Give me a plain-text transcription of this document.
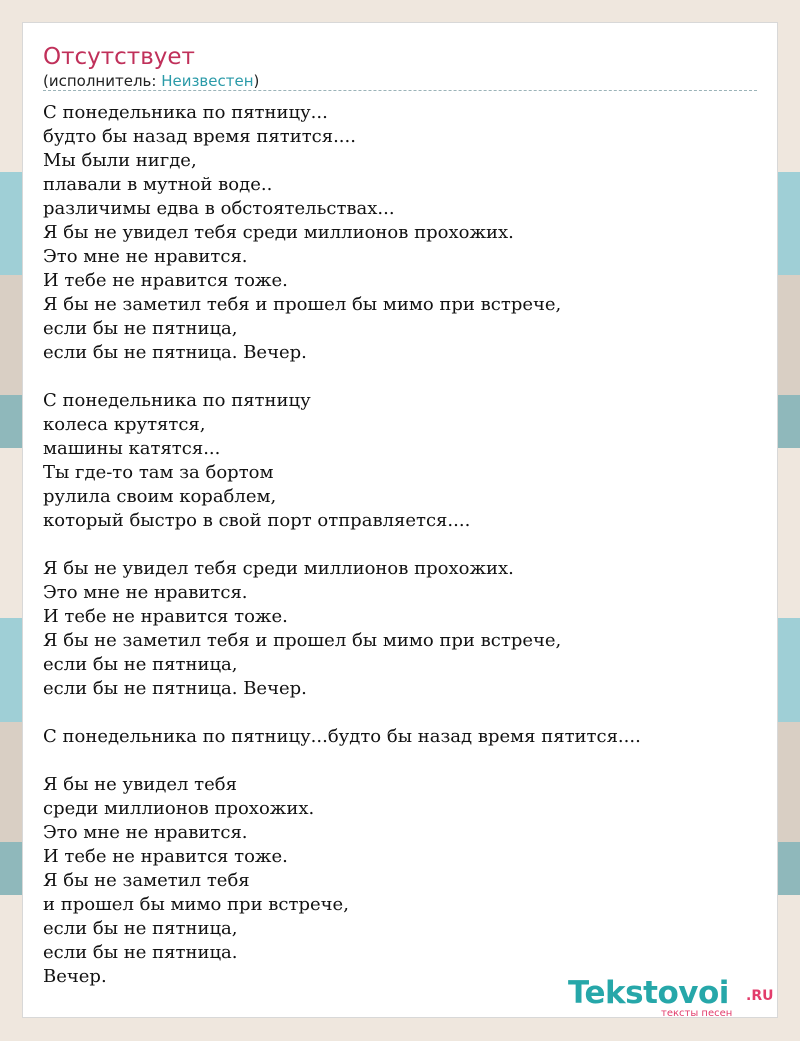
Отсутствует
(исполнитель: Неизвестен)
С понедельника по пятницу...
будто бы назад время пятится....
Мы были нигде,
плавали в мутной воде..
различимы едва в обстоятельствах...
Я бы не увидел тебя среди миллионов прохожих.
Это мне не нравится.
И тебе не нравится тоже.
Я бы не заметил тебя и прошел бы мимо при встрече,
если бы не пятница,
если бы не пятница. Вечер.

С понедельника по пятницу
колеса крутятся,
машины катятся...
Ты где-то там за бортом
рулила своим кораблем,
который быстро в свой порт отправляется....

Я бы не увидел тебя среди миллионов прохожих.
Это мне не нравится.
И тебе не нравится тоже.
Я бы не заметил тебя и прошел бы мимо при встрече,
если бы не пятница,
если бы не пятница. Вечер.

С понедельника по пятницу...будто бы назад время пятится....

Я бы не увидел тебя
среди миллионов прохожих.
Это мне не нравится.
И тебе не нравится тоже.
Я бы не заметил тебя
и прошел бы мимо при встрече,
если бы не пятница,
если бы не пятница.
Вечер.	Tekstovoi .RU
тексты песен
